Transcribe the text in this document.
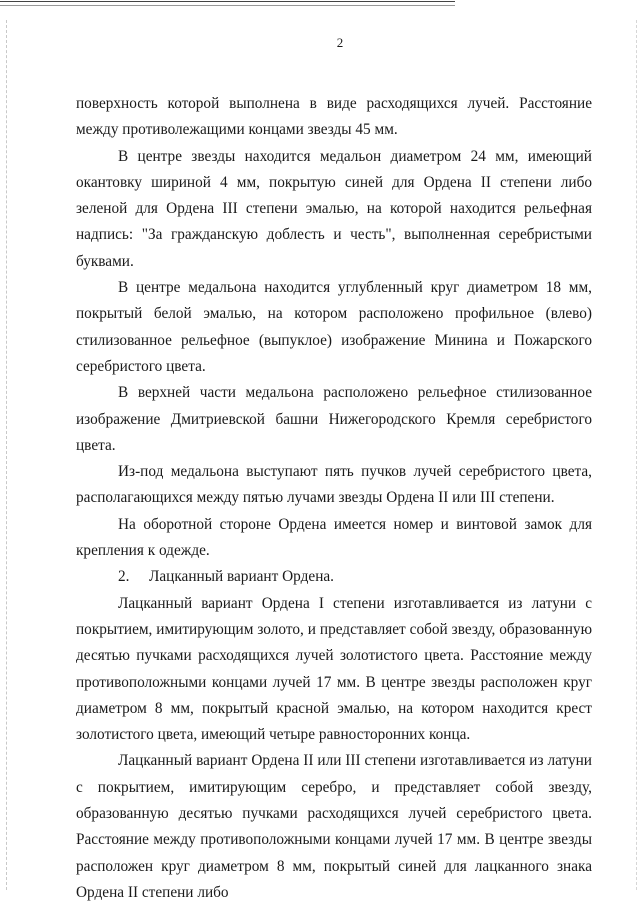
2

поверхность которой выполнена в виде расходящихся лучей. Расстояние между противолежащими концами звезды 45 мм.

В центре звезды находится медальон диаметром 24 мм, имеющий окантовку шириной 4 мм, покрытую синей для Ордена II степени либо зеленой для Ордена III степени эмалью, на которой находится рельефная надпись: "За гражданскую доблесть и честь", выполненная серебристыми буквами.

В центре медальона находится углубленный круг диаметром 18 мм, покрытый белой эмалью, на котором расположено профильное (влево) стилизованное рельефное (выпуклое) изображение Минина и Пожарского серебристого цвета.

В верхней части медальона расположено рельефное стилизованное изображение Дмитриевской башни Нижегородского Кремля серебристого цвета.

Из-под медальона выступают пять пучков лучей серебристого цвета, располагающихся между пятью лучами звезды Ордена II или III степени.

На оборотной стороне Ордена имеется номер и винтовой замок для крепления к одежде.

2. Лацканный вариант Ордена.

Лацканный вариант Ордена I степени изготавливается из латуни с покрытием, имитирующим золото, и представляет собой звезду, образованную десятью пучками расходящихся лучей золотистого цвета. Расстояние между противоположными концами лучей 17 мм. В центре звезды расположен круг диаметром 8 мм, покрытый красной эмалью, на котором находится крест золотистого цвета, имеющий четыре равносторонних конца.

Лацканный вариант Ордена II или III степени изготавливается из латуни с покрытием, имитирующим серебро, и представляет собой звезду, образованную десятью пучками расходящихся лучей серебристого цвета. Расстояние между противоположными концами лучей 17 мм. В центре звезды расположен круг диаметром 8 мм, покрытый синей для лацканного знака Ордена II степени либо
